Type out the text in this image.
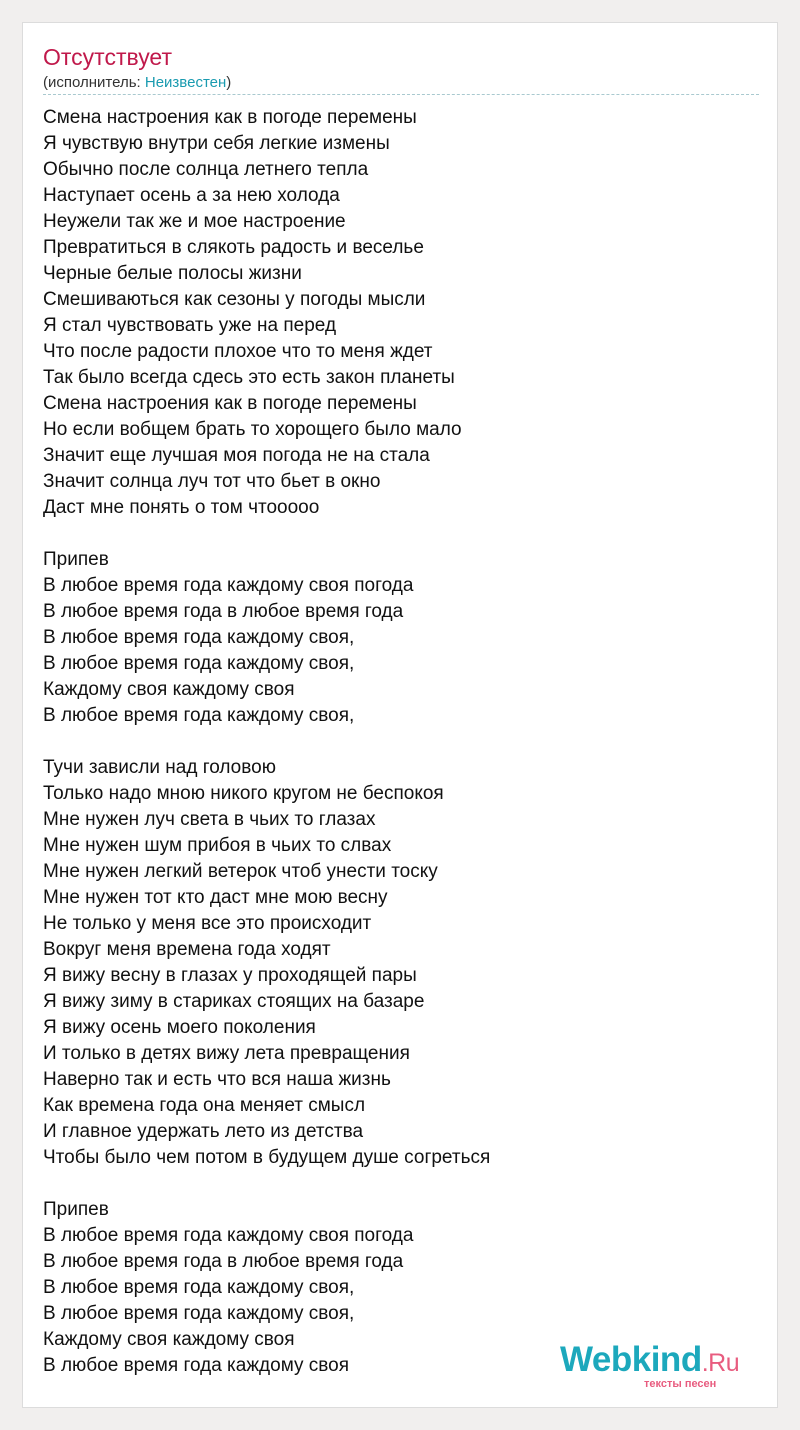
Отсутствует
(исполнитель: Неизвестен)
Смена настроения как в погоде перемены
Я чувствую внутри себя легкие измены
Обычно после солнца летнего тепла
Наступает осень а за нею холода
Неужели так же и мое настроение
Превратиться в слякоть радость и веселье
Черные белые полосы жизни
Смешиваються как сезоны у погоды мысли
Я стал чувствовать уже на перед
Что после радости плохое что то меня ждет
Так было всегда сдесь это есть закон планеты
Смена настроения как в погоде перемены
Но если вобщем брать то хорощего было мало
Значит еще лучшая моя погода не на стала
Значит солнца луч тот что бьет в окно
Даст мне понять о том чтооооо
Припев
В любое время года каждому своя погода
В любое время года в любое время года
В любое время года каждому своя,
В любое время года каждому своя,
Каждому своя каждому своя
В любое время года каждому своя,
Тучи зависли над головою
Только надо мною никого кругом не беспокоя
Мне нужен луч света в чьих то глазах
Мне нужен шум прибоя в чьих то слвах
Мне нужен легкий ветерок чтоб унести тоску
Мне нужен тот кто даст мне мою весну
Не только у меня все это происходит
Вокруг меня времена года ходят
Я вижу весну в глазах у проходящей пары
Я вижу зиму в стариках стоящих на базаре
Я вижу осень моего поколения
И только в детях вижу лета превращения
Наверно так и есть что вся наша жизнь
Как времена года она меняет смысл
И главное удержать лето из детства
Чтобы было чем потом в будущем душе согреться
Припев
В любое время года каждому своя погода
В любое время года в любое время года
В любое время года каждому своя,
В любое время года каждому своя,
Каждому своя каждому своя
В любое время года каждому своя	Webkind.Ru
тексты песен
